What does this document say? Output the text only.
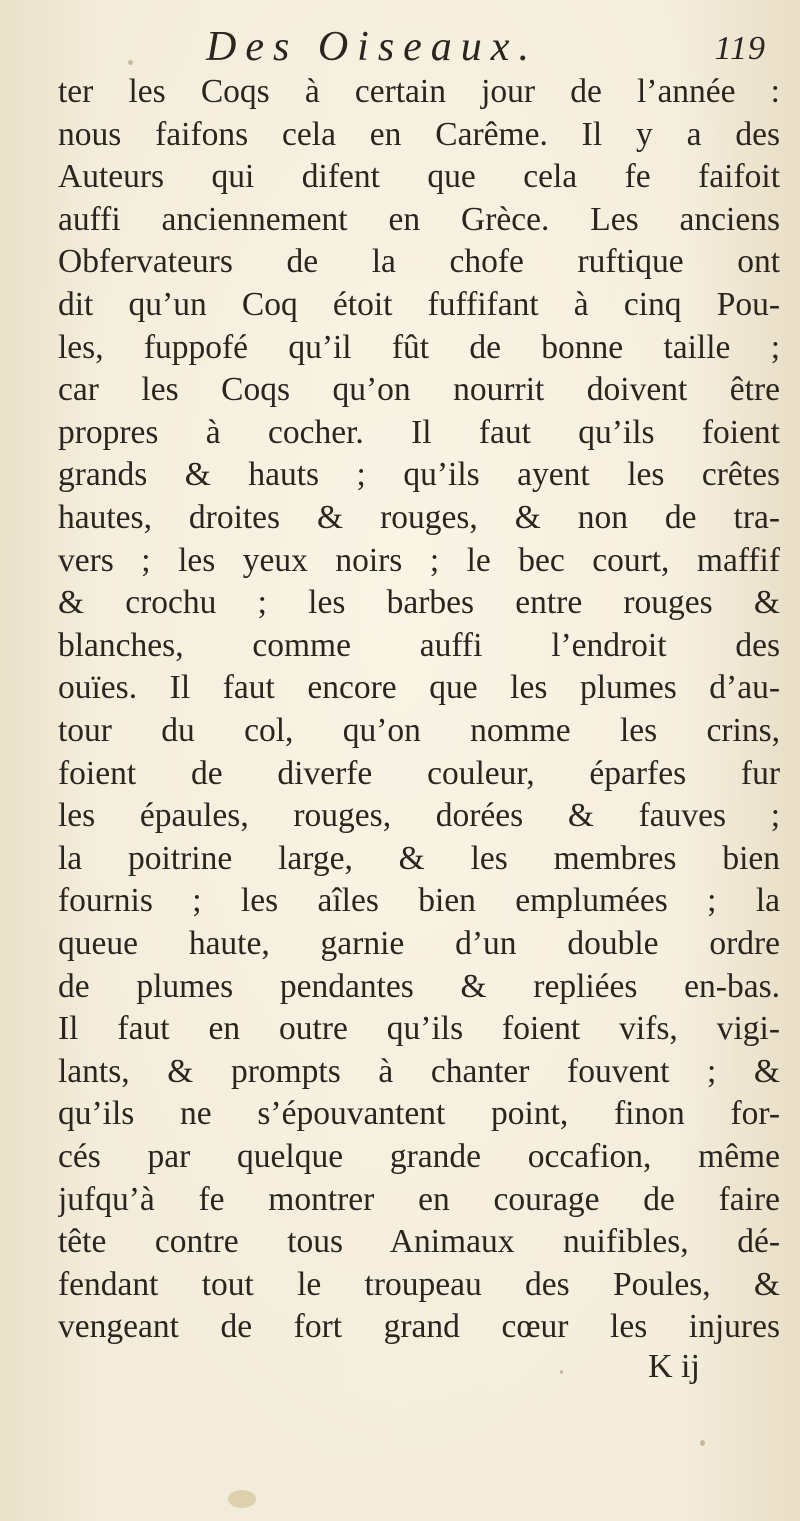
Des Oiseaux.	119
ter les Coqs à certain jour de l’année :
nous faifons cela en Carême. Il y a des
Auteurs qui difent que cela fe faifoit
auffi anciennement en Grèce. Les anciens
Obfervateurs de la chofe ruftique ont
dit qu’un Coq étoit fuffifant à cinq Pou-
les, fuppofé qu’il fût de bonne taille ;
car les Coqs qu’on nourrit doivent être
propres à cocher. Il faut qu’ils foient
grands & hauts ; qu’ils ayent les crêtes
hautes, droites & rouges, & non de tra-
vers ; les yeux noirs ; le bec court, maffif
& crochu ; les barbes entre rouges &
blanches, comme auffi l’endroit des
ouïes. Il faut encore que les plumes d’au-
tour du col, qu’on nomme les crins,
foient de diverfe couleur, éparfes fur
les épaules, rouges, dorées & fauves ;
la poitrine large, & les membres bien
fournis ; les aîles bien emplumées ; la
queue haute, garnie d’un double ordre
de plumes pendantes & repliées en-bas.
Il faut en outre qu’ils foient vifs, vigi-
lants, & prompts à chanter fouvent ; &
qu’ils ne s’épouvantent point, finon for-
cés par quelque grande occafion, même
jufqu’à fe montrer en courage de faire
tête contre tous Animaux nuifibles, dé-
fendant tout le troupeau des Poules, &
vengeant de fort grand cœur les injures
K ij
